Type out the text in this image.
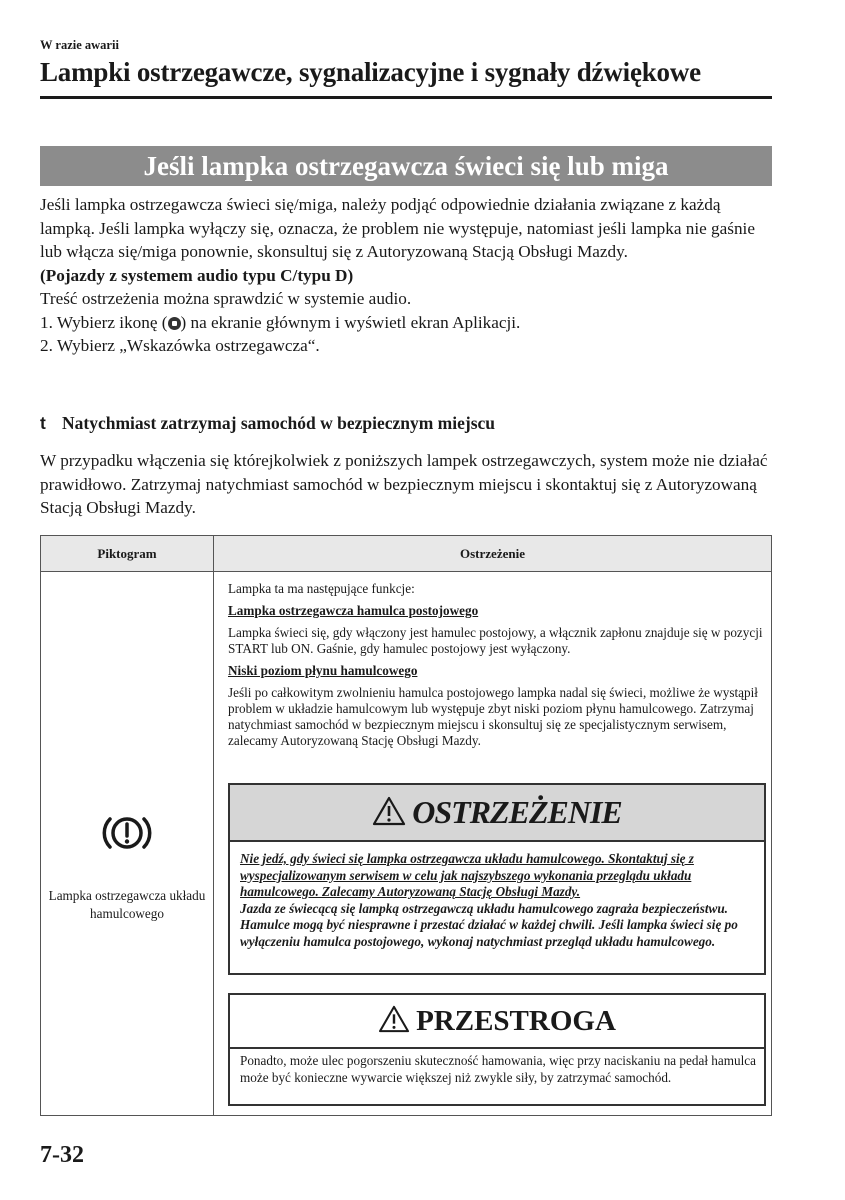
W razie awarii
Lampki ostrzegawcze, sygnalizacyjne i sygnały dźwiękowe
Jeśli lampka ostrzegawcza świeci się lub miga

Jeśli lampka ostrzegawcza świeci się/miga, należy podjąć odpowiednie działania związane z każdą lampką. Jeśli lampka wyłączy się, oznacza, że problem nie występuje, natomiast jeśli lampka nie gaśnie lub włącza się/miga ponownie, skonsultuj się z Autoryzowaną Stacją Obsługi Mazdy.

(Pojazdy z systemem audio typu C/typu D)

Treść ostrzeżenia można sprawdzić w systemie audio.

1. Wybierz ikonę ( ) na ekranie głównym i wyświetl ekran Aplikacji.

2. Wybierz „Wskazówka ostrzegawcza“.

t Natychmiast zatrzymaj samochód w bezpiecznym miejscu
W przypadku włączenia się którejkolwiek z poniższych lampek ostrzegawczych, system może nie działać prawidłowo. Zatrzymaj natychmiast samochód w bezpiecznym miejscu i skontaktuj się z Autoryzowaną Stacją Obsługi Mazdy.
Piktogram	Ostrzeżenie
Lampka ostrzegawcza układu hamulcowego

Lampka ta ma następujące funkcje:

Lampka ostrzegawcza hamulca postojowego

Lampka świeci się, gdy włączony jest hamulec postojowy, a włącznik zapłonu znajduje się w pozycji START lub ON. Gaśnie, gdy hamulec postojowy jest wyłączony.

Niski poziom płynu hamulcowego

Jeśli po całkowitym zwolnieniu hamulca postojowego lampka nadal się świeci, możliwe że wystąpił problem w układzie hamulcowym lub występuje zbyt niski poziom płynu hamulcowego. Zatrzymaj natychmiast samochód w bezpiecznym miejscu i skonsultuj się ze specjalistycznym serwisem, zalecamy Autoryzowaną Stację Obsługi Mazdy.

OSTRZEŻENIE
Nie jedź, gdy świeci się lampka ostrzegawcza układu hamulcowego. Skontaktuj się z wyspecjalizowanym serwisem w celu jak najszybszego wykonania przeglądu układu hamulcowego. Zalecamy Autoryzowaną Stację Obsługi Mazdy.
Jazda ze świecącą się lampką ostrzegawczą układu hamulcowego zagraża bezpieczeństwu. Hamulce mogą być niesprawne i przestać działać w każdej chwili. Jeśli lampka świeci się po wyłączeniu hamulca postojowego, wykonaj natychmiast przegląd układu hamulcowego.
PRZESTROGA
Ponadto, może ulec pogorszeniu skuteczność hamowania, więc przy naciskaniu na pedał hamulca może być konieczne wywarcie większej niż zwykle siły, by zatrzymać samochód.
7-32
